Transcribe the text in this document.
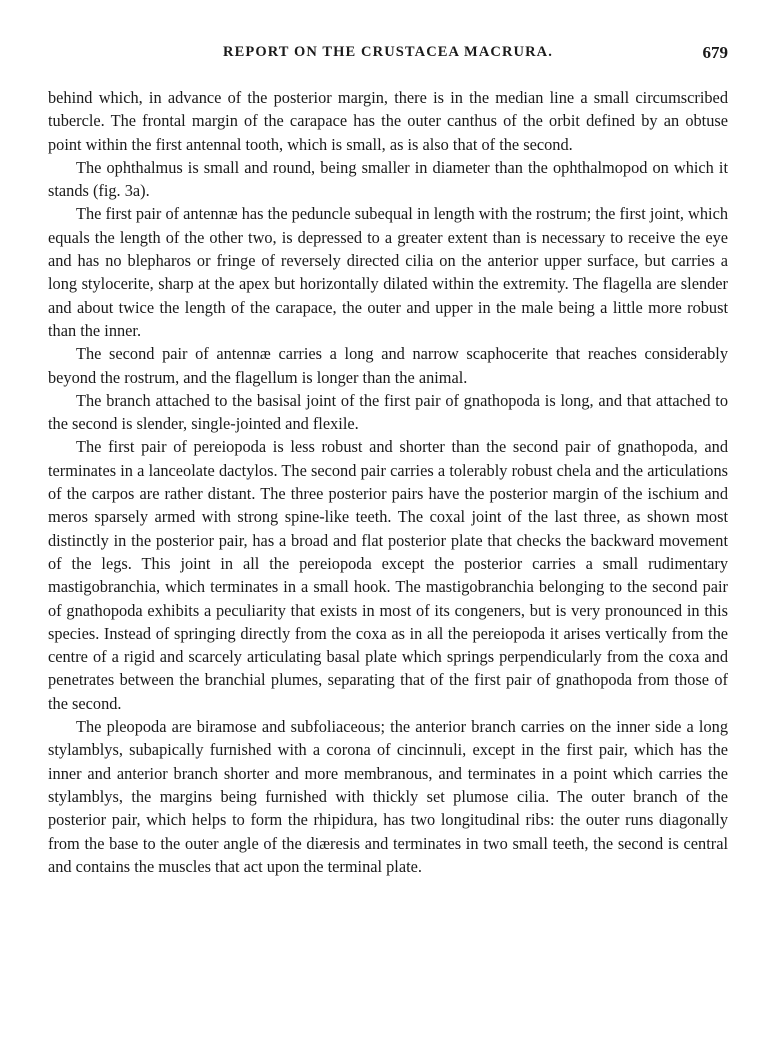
REPORT ON THE CRUSTACEA MACRURA.	679

behind which, in advance of the posterior margin, there is in the median line a small circumscribed tubercle. The frontal margin of the carapace has the outer canthus of the orbit defined by an obtuse point within the first antennal tooth, which is small, as is also that of the second.

The ophthalmus is small and round, being smaller in diameter than the ophthalmopod on which it stands (fig. 3a).

The first pair of antennæ has the peduncle subequal in length with the rostrum; the first joint, which equals the length of the other two, is depressed to a greater extent than is necessary to receive the eye and has no blepharos or fringe of reversely directed cilia on the anterior upper surface, but carries a long stylocerite, sharp at the apex but horizontally dilated within the extremity. The flagella are slender and about twice the length of the carapace, the outer and upper in the male being a little more robust than the inner.

The second pair of antennæ carries a long and narrow scaphocerite that reaches considerably beyond the rostrum, and the flagellum is longer than the animal.

The branch attached to the basisal joint of the first pair of gnathopoda is long, and that attached to the second is slender, single-jointed and flexile.

The first pair of pereiopoda is less robust and shorter than the second pair of gnathopoda, and terminates in a lanceolate dactylos. The second pair carries a tolerably robust chela and the articulations of the carpos are rather distant. The three posterior pairs have the posterior margin of the ischium and meros sparsely armed with strong spine-like teeth. The coxal joint of the last three, as shown most distinctly in the posterior pair, has a broad and flat posterior plate that checks the backward movement of the legs. This joint in all the pereiopoda except the posterior carries a small rudimentary mastigobranchia, which terminates in a small hook. The mastigobranchia belonging to the second pair of gnathopoda exhibits a peculiarity that exists in most of its congeners, but is very pronounced in this species. Instead of springing directly from the coxa as in all the pereiopoda it arises vertically from the centre of a rigid and scarcely articulating basal plate which springs perpendicularly from the coxa and penetrates between the branchial plumes, separating that of the first pair of gnathopoda from those of the second.

The pleopoda are biramose and subfoliaceous; the anterior branch carries on the inner side a long stylamblys, subapically furnished with a corona of cincinnuli, except in the first pair, which has the inner and anterior branch shorter and more membranous, and terminates in a point which carries the stylamblys, the margins being furnished with thickly set plumose cilia. The outer branch of the posterior pair, which helps to form the rhipidura, has two longitudinal ribs: the outer runs diagonally from the base to the outer angle of the diæresis and terminates in two small teeth, the second is central and contains the muscles that act upon the terminal plate.
